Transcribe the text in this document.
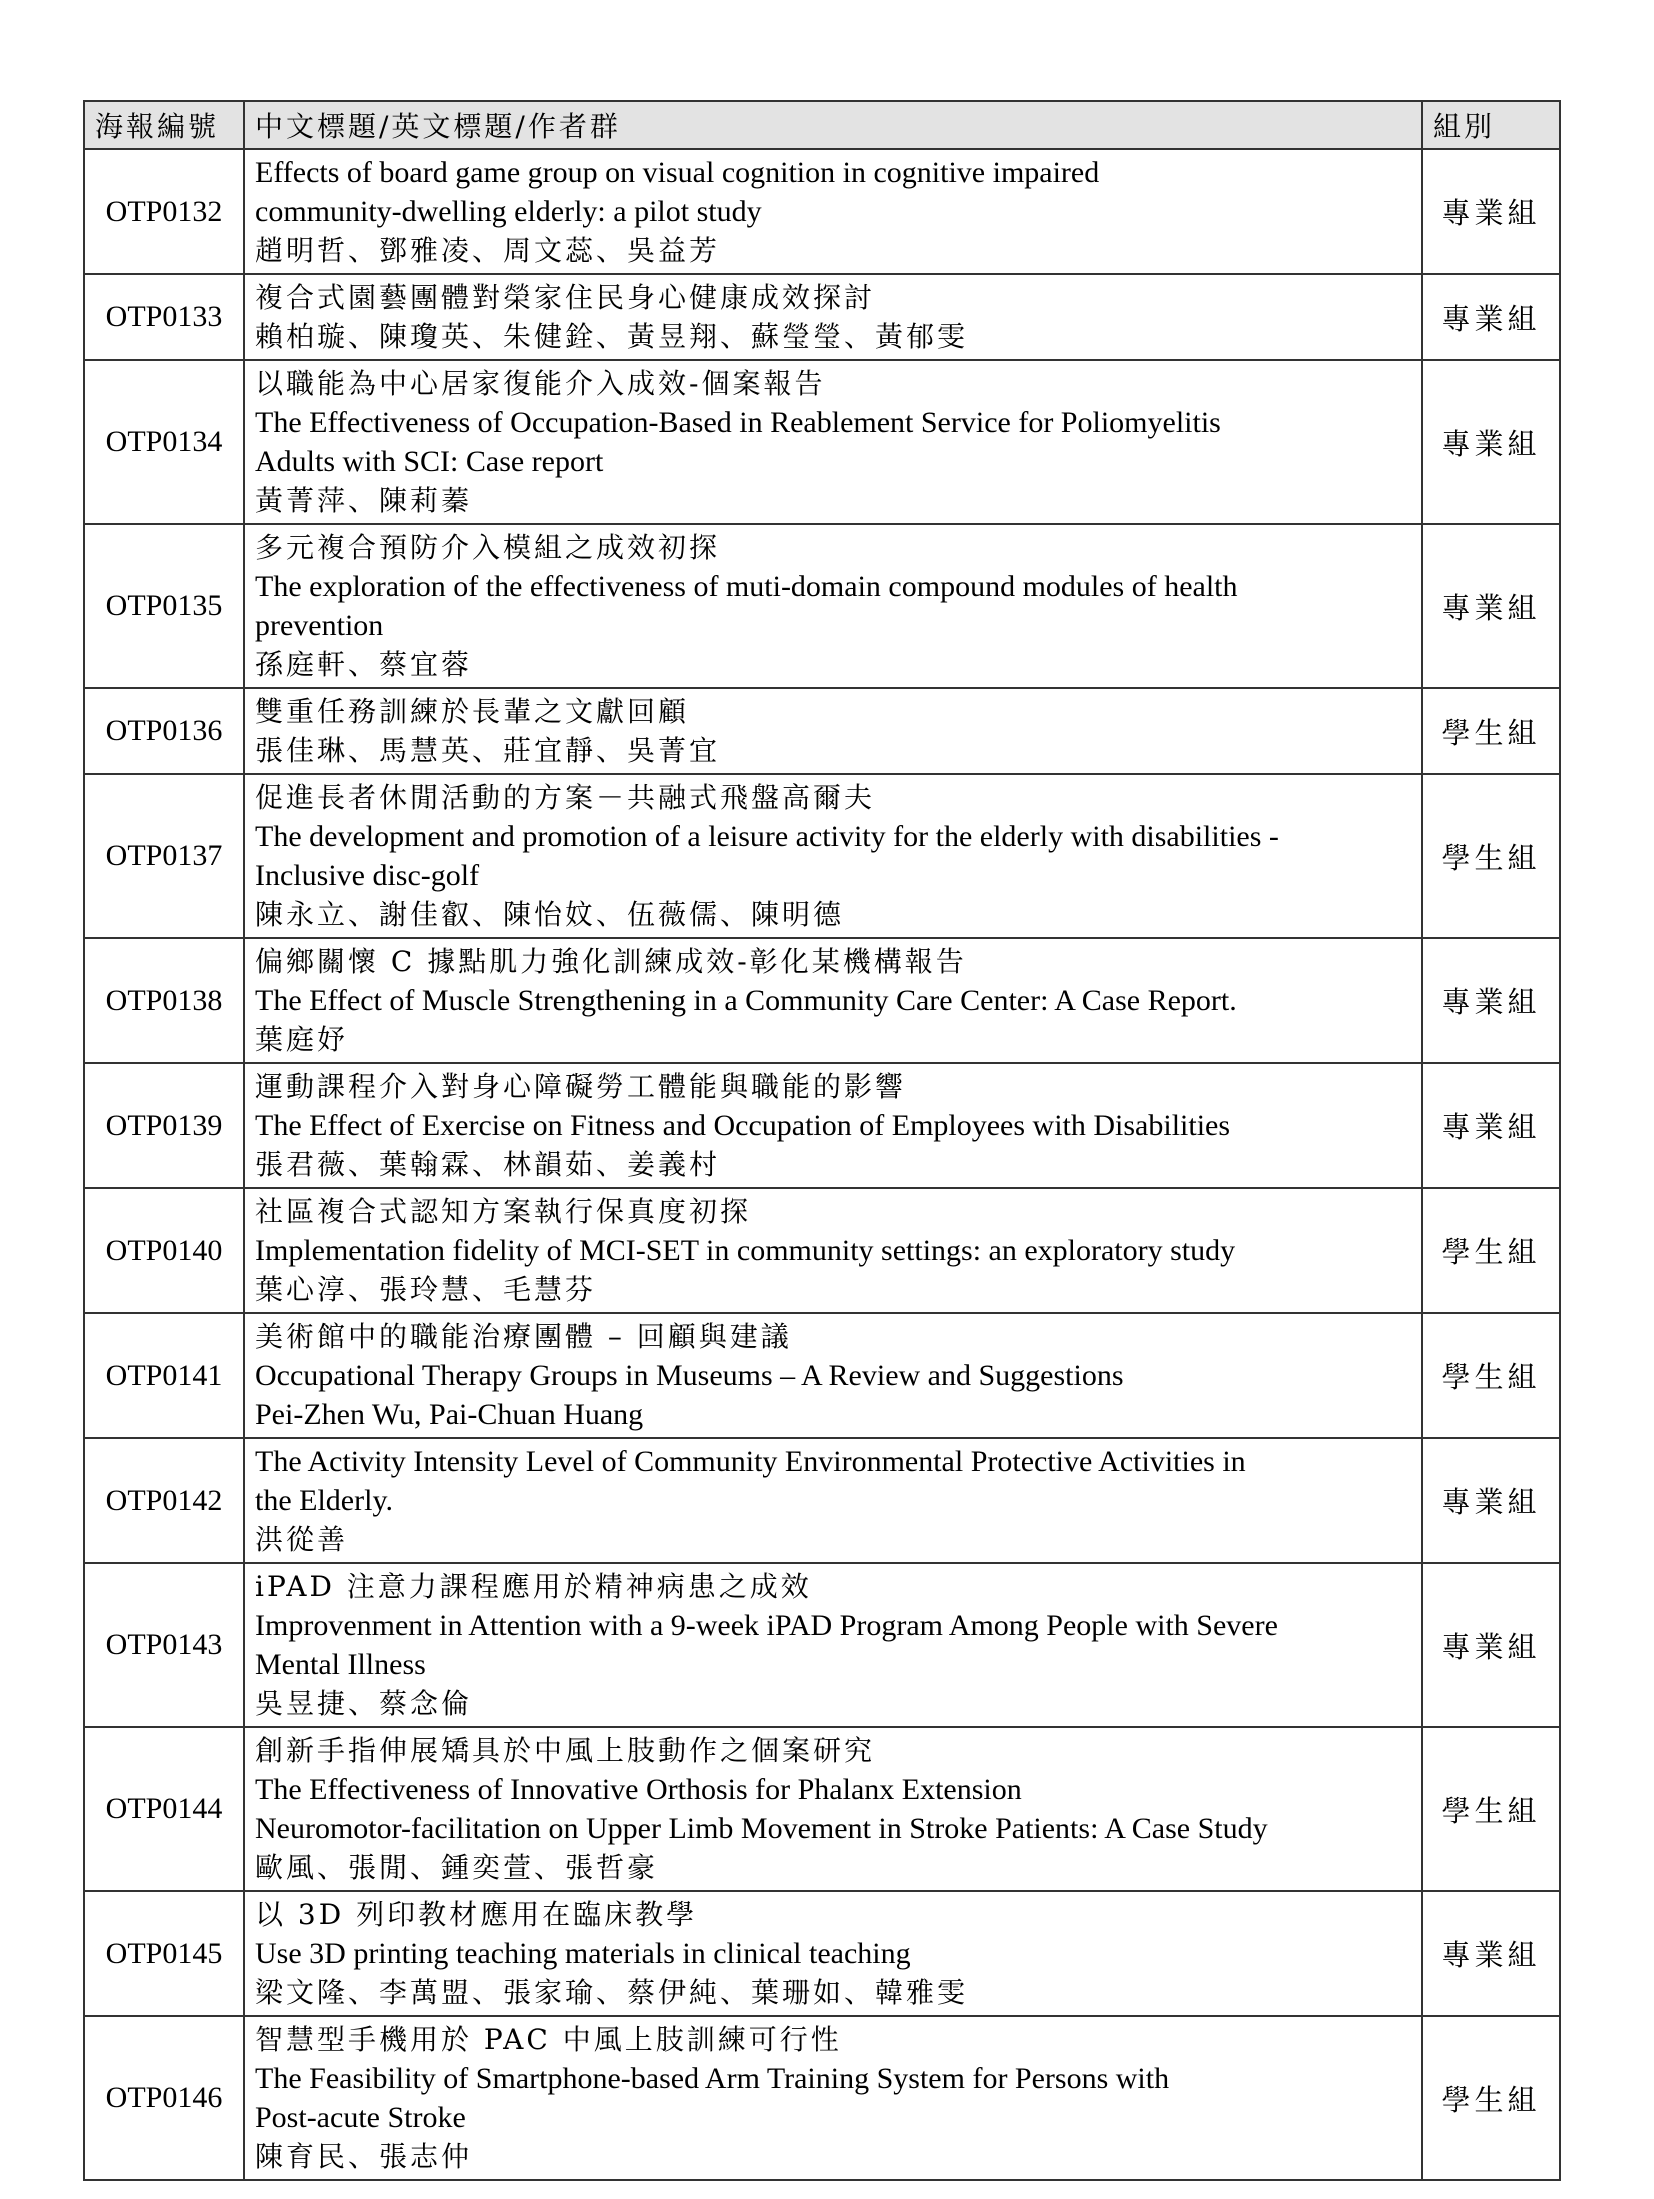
海報編號	中文標題/英文標題/作者群	組別
OTP0132	Effects of board game group on visual cognition in cognitive impaired
community-dwelling elderly: a pilot study
趙明哲、鄧雅凌、周文蕊、吳益芳	專業組
OTP0133	複合式園藝團體對榮家住民身心健康成效探討
賴柏璇、陳瓊英、朱健銓、黃昱翔、蘇瑩瑩、黃郁雯	專業組
OTP0134	以職能為中心居家復能介入成效-個案報告
The Effectiveness of Occupation-Based in Reablement Service for Poliomyelitis
Adults with SCI: Case report
黃菁萍、陳莉蓁	專業組
OTP0135	多元複合預防介入模組之成效初探
The exploration of the effectiveness of muti-domain compound modules of health
prevention
孫庭軒、蔡宜蓉	專業組
OTP0136	雙重任務訓練於長輩之文獻回顧
張佳琳、馬慧英、莊宜靜、吳菁宜	學生組
OTP0137	促進長者休閒活動的方案－共融式飛盤高爾夫
The development and promotion of a leisure activity for the elderly with disabilities -
Inclusive disc-golf
陳永立、謝佳叡、陳怡妏、伍薇儒、陳明德	學生組
OTP0138	偏鄉關懷 C 據點肌力強化訓練成效-彰化某機構報告
The Effect of Muscle Strengthening in a Community Care Center: A Case Report.
葉庭妤	專業組
OTP0139	運動課程介入對身心障礙勞工體能與職能的影響
The Effect of Exercise on Fitness and Occupation of Employees with Disabilities
張君薇、葉翰霖、林韻茹、姜義村	專業組
OTP0140	社區複合式認知方案執行保真度初探
Implementation fidelity of MCI-SET in community settings: an exploratory study
葉心淳、張玲慧、毛慧芬	學生組
OTP0141	美術館中的職能治療團體 – 回顧與建議
Occupational Therapy Groups in Museums – A Review and Suggestions
Pei-Zhen Wu, Pai-Chuan Huang	學生組
OTP0142	The Activity Intensity Level of Community Environmental Protective Activities in
the Elderly.
洪從善	專業組
OTP0143	iPAD 注意力課程應用於精神病患之成效
Improvenment in Attention with a 9-week iPAD Program Among People with Severe
Mental Illness
吳昱捷、蔡念倫	專業組
OTP0144	創新手指伸展矯具於中風上肢動作之個案研究
The Effectiveness of Innovative Orthosis for Phalanx Extension
Neuromotor-facilitation on Upper Limb Movement in Stroke Patients: A Case Study
歐風、張閒、鍾奕萱、張哲豪	學生組
OTP0145	以 3D 列印教材應用在臨床教學
Use 3D printing teaching materials in clinical teaching
梁文隆、李萬盟、張家瑜、蔡伊純、葉珊如、韓雅雯	專業組
OTP0146	智慧型手機用於 PAC 中風上肢訓練可行性
The Feasibility of Smartphone-based Arm Training System for Persons with
Post-acute Stroke
陳育民、張志仲	學生組
